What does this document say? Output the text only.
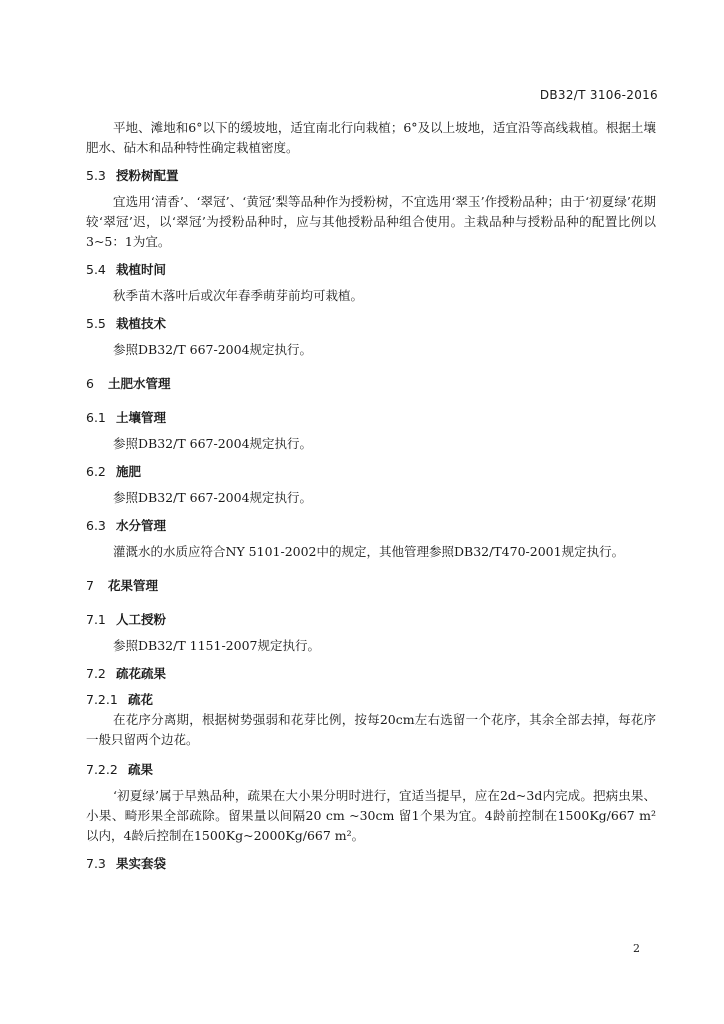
DB32/T 3106-2016

平地、滩地和6°以下的缓坡地，适宜南北行向栽植；6°及以上坡地，适宜沿等高线栽植。根据土壤肥水、砧木和品种特性确定栽植密度。

5.3 授粉树配置

宜选用‘清香’、‘翠冠’、‘黄冠’梨等品种作为授粉树，不宜选用‘翠玉’作授粉品种；由于‘初夏绿’花期较‘翠冠’迟，以‘翠冠’为授粉品种时，应与其他授粉品种组合使用。主栽品种与授粉品种的配置比例以3~5：1为宜。

5.4 栽植时间

秋季苗木落叶后或次年春季萌芽前均可栽植。

5.5 栽植技术

参照DB32/T 667-2004规定执行。

6 土肥水管理
6.1 土壤管理

参照DB32/T 667-2004规定执行。

6.2 施肥

参照DB32/T 667-2004规定执行。

6.3 水分管理

灌溉水的水质应符合NY 5101-2002中的规定，其他管理参照DB32/T470-2001规定执行。

7 花果管理
7.1 人工授粉

参照DB32/T 1151-2007规定执行。

7.2 疏花疏果
7.2.1 疏花

在花序分离期，根据树势强弱和花芽比例，按每20cm左右选留一个花序，其余全部去掉，每花序一般只留两个边花。

7.2.2 疏果

‘初夏绿’属于早熟品种，疏果在大小果分明时进行，宜适当提早，应在2d~3d内完成。把病虫果、小果、畸形果全部疏除。留果量以间隔20 cm ~30cm 留1个果为宜。4龄前控制在1500Kg/667 m² 以内，4龄后控制在1500Kg~2000Kg/667 m²。

7.3 果实套袋
2
